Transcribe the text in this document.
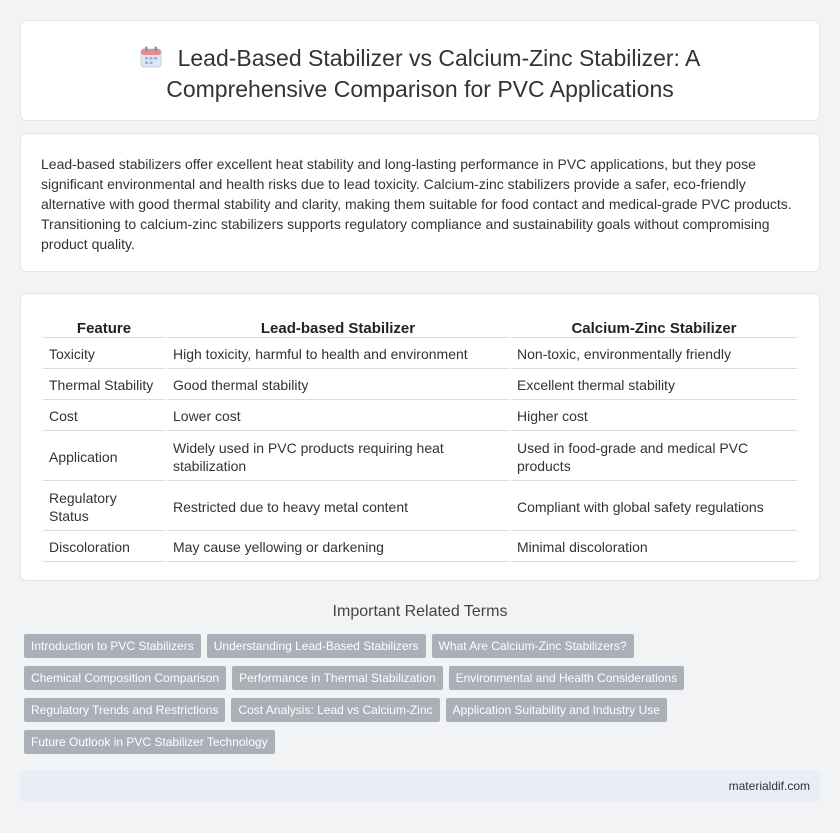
Lead-Based Stabilizer vs Calcium-Zinc Stabilizer: A
Comprehensive Comparison for PVC Applications

Lead-based stabilizers offer excellent heat stability and long-lasting performance in PVC applications, but they pose significant environmental and health risks due to lead toxicity. Calcium-zinc stabilizers provide a safer, eco-friendly alternative with good thermal stability and clarity, making them suitable for food contact and medical-grade PVC products. Transitioning to calcium-zinc stabilizers supports regulatory compliance and sustainability goals without compromising product quality.

Feature	Lead-based Stabilizer	Calcium-Zinc Stabilizer
Toxicity	High toxicity, harmful to health and environment	Non-toxic, environmentally friendly
Thermal Stability	Good thermal stability	Excellent thermal stability
Cost	Lower cost	Higher cost
Application	Widely used in PVC products requiring heat stabilization	Used in food-grade and medical PVC products
Regulatory Status	Restricted due to heavy metal content	Compliant with global safety regulations
Discoloration	May cause yellowing or darkening	Minimal discoloration
Important Related Terms
Introduction to PVC Stabilizers Understanding Lead-Based Stabilizers What Are Calcium-Zinc Stabilizers?
Chemical Composition Comparison Performance in Thermal Stabilization Environmental and Health Considerations
Regulatory Trends and Restrictions Cost Analysis: Lead vs Calcium-Zinc Application Suitability and Industry Use
Future Outlook in PVC Stabilizer Technology
materialdif.com
